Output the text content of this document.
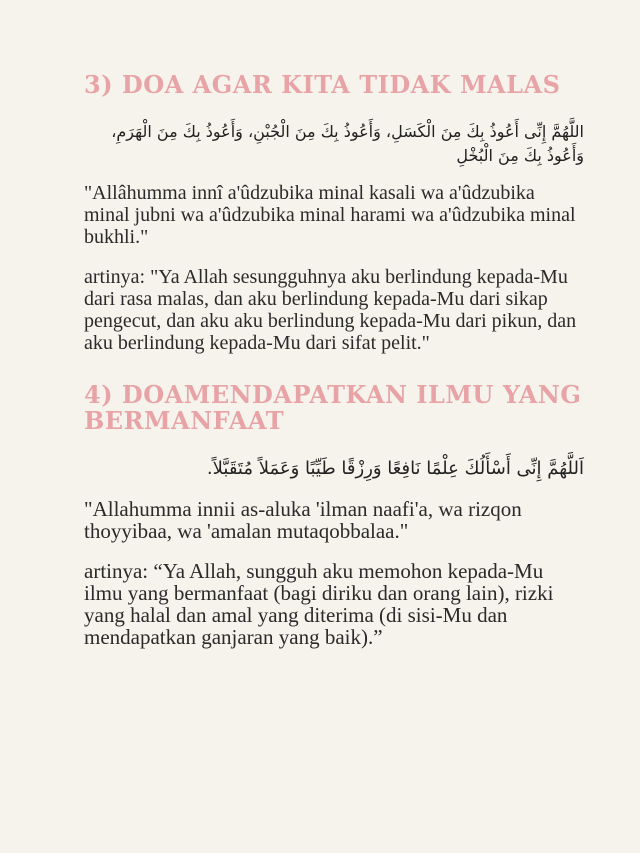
3) DOA AGAR KITA TIDAK MALAS

اللَّهُمَّ إِنِّى أَعُوذُ بِكَ مِنَ الْكَسَلِ، وَأَعُوذُ بِكَ مِنَ الْجُبْنِ، وَأَعُوذُ بِكَ مِنَ الْهَرَمِ، وَأَعُوذُ بِكَ مِنَ الْبُخْلِ

"Allâhumma innî a'ûdzubika minal kasali wa a'ûdzubika minal jubni wa a'ûdzubika minal harami wa a'ûdzubika minal bukhli."

artinya: "Ya Allah sesungguhnya aku berlindung kepada-Mu dari rasa malas, dan aku berlindung kepada-Mu dari sikap pengecut, dan aku aku berlindung kepada-Mu dari pikun, dan aku berlindung kepada-Mu dari sifat pelit."

4) DOAMENDAPATKAN ILMU YANG BERMANFAAT

اَللَّهُمَّ إِنِّى أَسْأَلُكَ عِلْمًا نَافِعًا وَرِزْقًا طَيِّبًا وَعَمَلاً مُتَقَبَّلاً.

"Allahumma innii as-aluka 'ilman naafi'a, wa rizqon thoyyibaa, wa 'amalan mutaqobbalaa."

artinya: “Ya Allah, sungguh aku memohon kepada-Mu ilmu yang bermanfaat (bagi diriku dan orang lain), rizki yang halal dan amal yang diterima (di sisi-Mu dan mendapatkan ganjaran yang baik).”
